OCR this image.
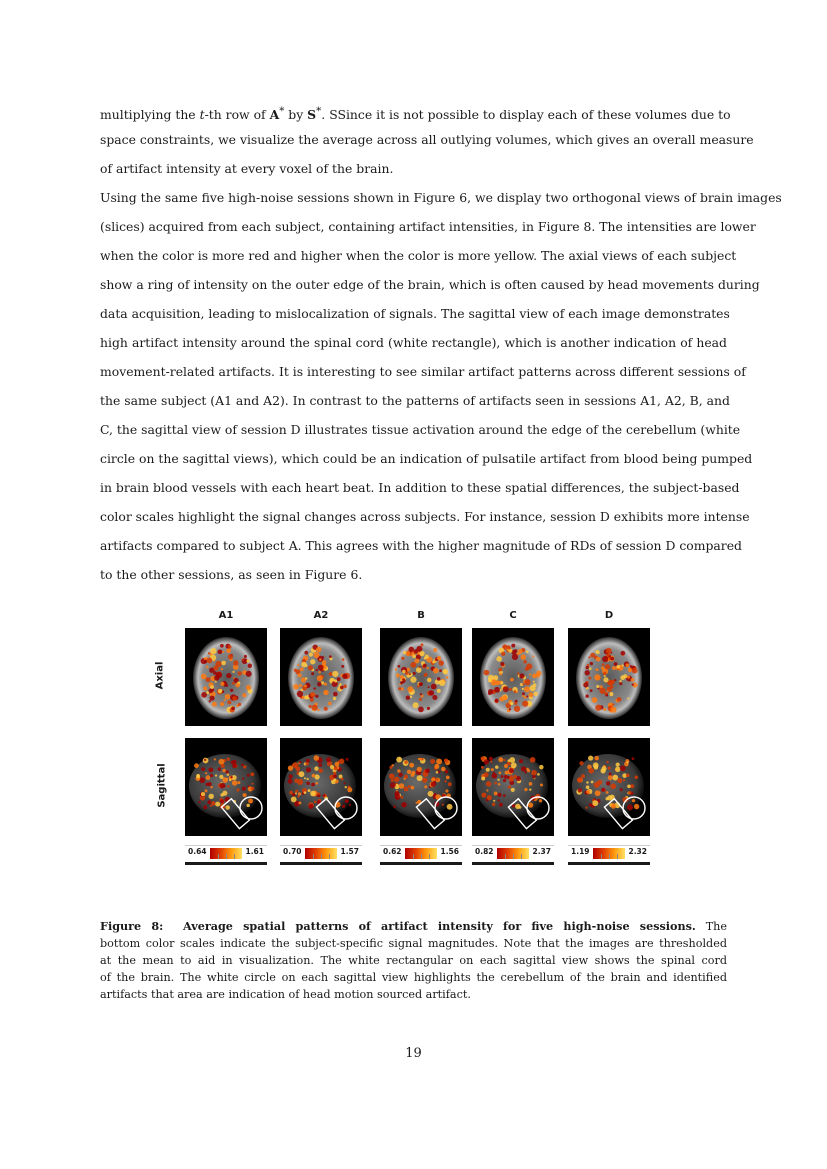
multiplying the t-th row of A* by S*. SSince it is not possible to display each of these volumes due to
space constraints, we visualize the average across all outlying volumes, which gives an overall measure
of artifact intensity at every voxel of the brain.
Using the same five high-noise sessions shown in Figure 6, we display two orthogonal views of brain images
(slices) acquired from each subject, containing artifact intensities, in Figure 8. The intensities are lower
when the color is more red and higher when the color is more yellow. The axial views of each subject
show a ring of intensity on the outer edge of the brain, which is often caused by head movements during
data acquisition, leading to mislocalization of signals. The sagittal view of each image demonstrates
high artifact intensity around the spinal cord (white rectangle), which is another indication of head
movement-related artifacts. It is interesting to see similar artifact patterns across different sessions of
the same subject (A1 and A2). In contrast to the patterns of artifacts seen in sessions A1, A2, B, and
C, the sagittal view of session D illustrates tissue activation around the edge of the cerebellum (white
circle on the sagittal views), which could be an indication of pulsatile artifact from blood being pumped
in brain blood vessels with each heart beat. In addition to these spatial differences, the subject-based
color scales highlight the signal changes across subjects. For instance, session D exhibits more intense
artifacts compared to subject A. This agrees with the higher magnitude of RDs of session D compared
to the other sessions, as seen in Figure 6.
A1
0.64	1.61
A2
0.70	1.57
B
0.62	1.56
C
0.82	2.37
D
1.19	2.32
Axial
Sagittal
Figure 8: Average spatial patterns of artifact intensity for five high-noise sessions. The
bottom color scales indicate the subject-specific signal magnitudes. Note that the images are thresholded
at the mean to aid in visualization. The white rectangular on each sagittal view shows the spinal cord
of the brain. The white circle on each sagittal view highlights the cerebellum of the brain and identified
artifacts that area are indication of head motion sourced artifact.
19
